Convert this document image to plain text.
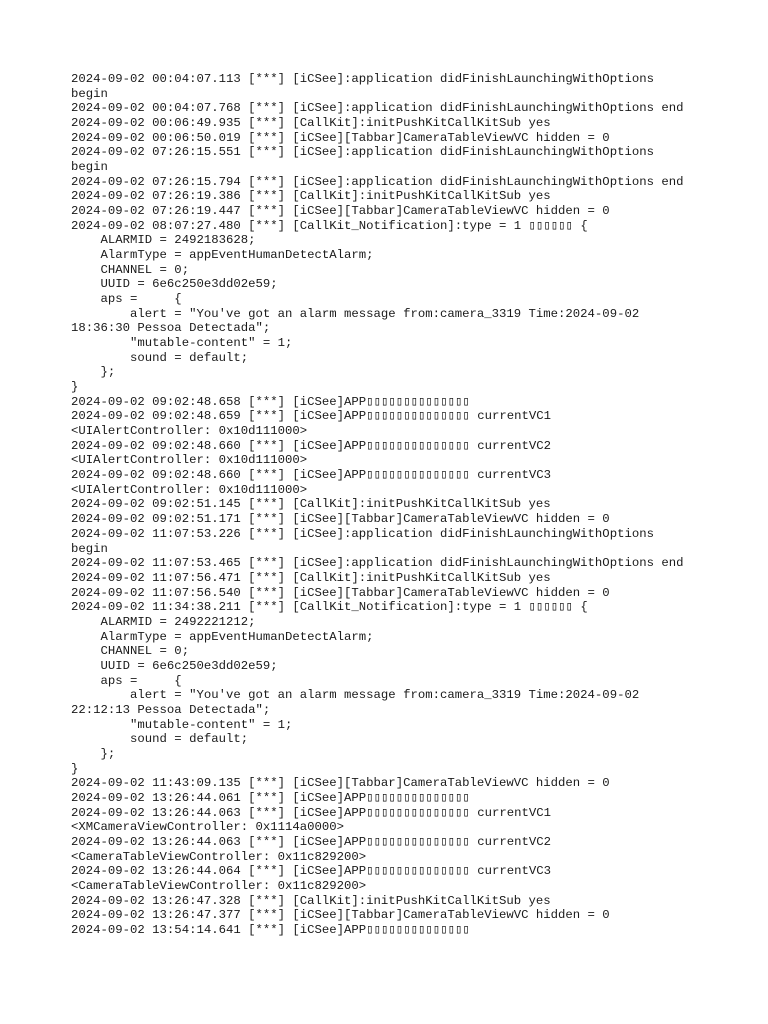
2024-09-02 00:04:07.113 [***] [iCSee]:application didFinishLaunchingWithOptions
begin
2024-09-02 00:04:07.768 [***] [iCSee]:application didFinishLaunchingWithOptions end
2024-09-02 00:06:49.935 [***] [CallKit]:initPushKitCallKitSub yes
2024-09-02 00:06:50.019 [***] [iCSee][Tabbar]CameraTableViewVC hidden = 0
2024-09-02 07:26:15.551 [***] [iCSee]:application didFinishLaunchingWithOptions
begin
2024-09-02 07:26:15.794 [***] [iCSee]:application didFinishLaunchingWithOptions end
2024-09-02 07:26:19.386 [***] [CallKit]:initPushKitCallKitSub yes
2024-09-02 07:26:19.447 [***] [iCSee][Tabbar]CameraTableViewVC hidden = 0
2024-09-02 08:07:27.480 [***] [CallKit_Notification]:type = 1 ▯▯▯▯▯▯ {
ALARMID = 2492183628;
AlarmType = appEventHumanDetectAlarm;
CHANNEL = 0;
UUID = 6e6c250e3dd02e59;
aps =     {
alert = "You've got an alarm message from:camera_3319 Time:2024-09-02
18:36:30 Pessoa Detectada";
"mutable-content" = 1;
sound = default;
};
}
2024-09-02 09:02:48.658 [***] [iCSee]APP▯▯▯▯▯▯▯▯▯▯▯▯▯▯
2024-09-02 09:02:48.659 [***] [iCSee]APP▯▯▯▯▯▯▯▯▯▯▯▯▯▯ currentVC1
<UIAlertController: 0x10d111000>
2024-09-02 09:02:48.660 [***] [iCSee]APP▯▯▯▯▯▯▯▯▯▯▯▯▯▯ currentVC2
<UIAlertController: 0x10d111000>
2024-09-02 09:02:48.660 [***] [iCSee]APP▯▯▯▯▯▯▯▯▯▯▯▯▯▯ currentVC3
<UIAlertController: 0x10d111000>
2024-09-02 09:02:51.145 [***] [CallKit]:initPushKitCallKitSub yes
2024-09-02 09:02:51.171 [***] [iCSee][Tabbar]CameraTableViewVC hidden = 0
2024-09-02 11:07:53.226 [***] [iCSee]:application didFinishLaunchingWithOptions
begin
2024-09-02 11:07:53.465 [***] [iCSee]:application didFinishLaunchingWithOptions end
2024-09-02 11:07:56.471 [***] [CallKit]:initPushKitCallKitSub yes
2024-09-02 11:07:56.540 [***] [iCSee][Tabbar]CameraTableViewVC hidden = 0
2024-09-02 11:34:38.211 [***] [CallKit_Notification]:type = 1 ▯▯▯▯▯▯ {
ALARMID = 2492221212;
AlarmType = appEventHumanDetectAlarm;
CHANNEL = 0;
UUID = 6e6c250e3dd02e59;
aps =     {
alert = "You've got an alarm message from:camera_3319 Time:2024-09-02
22:12:13 Pessoa Detectada";
"mutable-content" = 1;
sound = default;
};
}
2024-09-02 11:43:09.135 [***] [iCSee][Tabbar]CameraTableViewVC hidden = 0
2024-09-02 13:26:44.061 [***] [iCSee]APP▯▯▯▯▯▯▯▯▯▯▯▯▯▯
2024-09-02 13:26:44.063 [***] [iCSee]APP▯▯▯▯▯▯▯▯▯▯▯▯▯▯ currentVC1
<XMCameraViewController: 0x1114a0000>
2024-09-02 13:26:44.063 [***] [iCSee]APP▯▯▯▯▯▯▯▯▯▯▯▯▯▯ currentVC2
<CameraTableViewController: 0x11c829200>
2024-09-02 13:26:44.064 [***] [iCSee]APP▯▯▯▯▯▯▯▯▯▯▯▯▯▯ currentVC3
<CameraTableViewController: 0x11c829200>
2024-09-02 13:26:47.328 [***] [CallKit]:initPushKitCallKitSub yes
2024-09-02 13:26:47.377 [***] [iCSee][Tabbar]CameraTableViewVC hidden = 0
2024-09-02 13:54:14.641 [***] [iCSee]APP▯▯▯▯▯▯▯▯▯▯▯▯▯▯
